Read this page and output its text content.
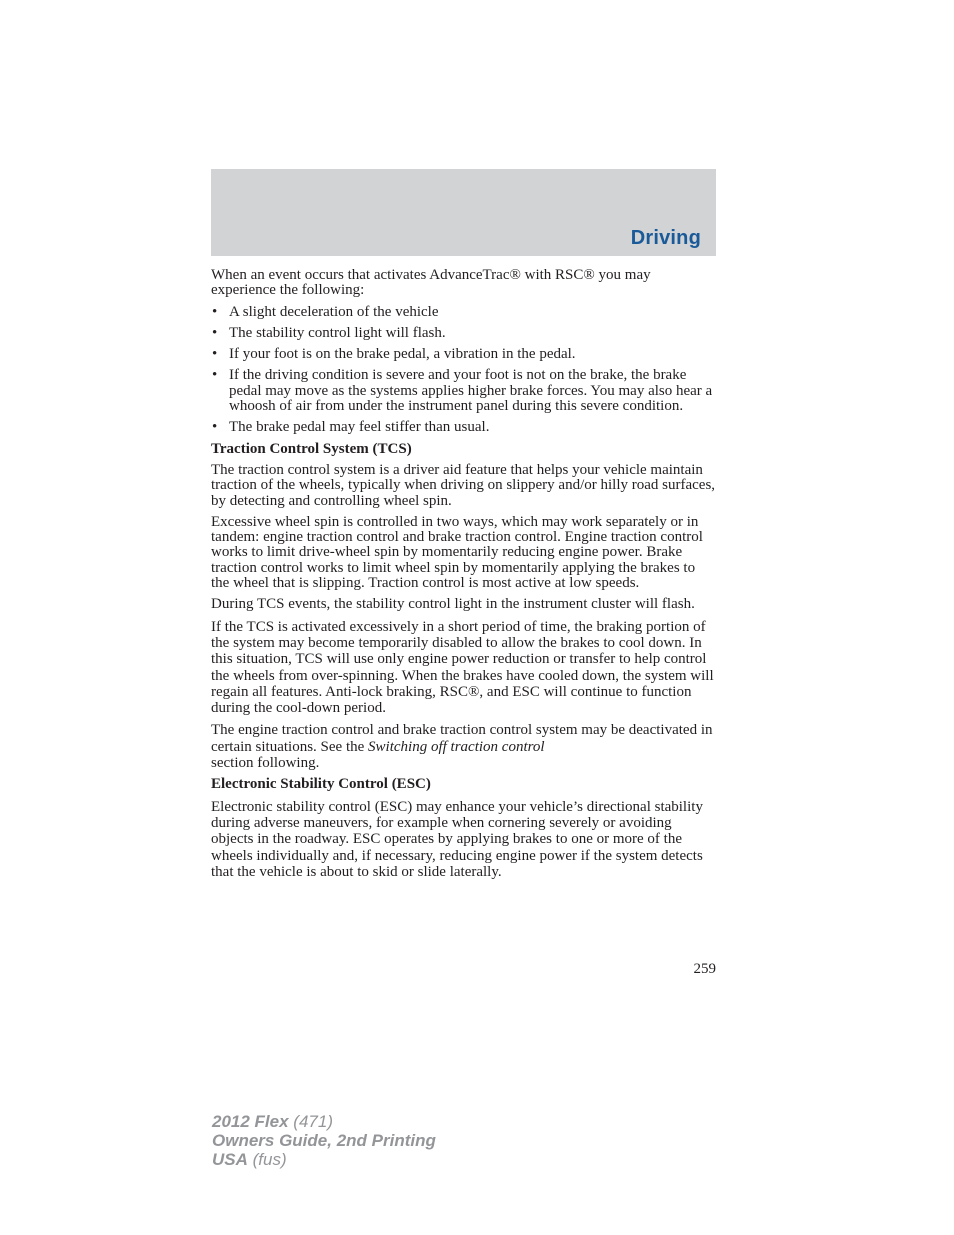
Driving

When an event occurs that activates AdvanceTrac® with RSC® you may experience the following:

• A slight deceleration of the vehicle
• The stability control light will flash.
• If your foot is on the brake pedal, a vibration in the pedal.
• If the driving condition is severe and your foot is not on the brake, the brake pedal may move as the systems applies higher brake forces. You may also hear a whoosh of air from under the instrument panel during this severe condition.
• The brake pedal may feel stiffer than usual.
Traction Control System (TCS)

The traction control system is a driver aid feature that helps your vehicle maintain traction of the wheels, typically when driving on slippery and/or hilly road surfaces, by detecting and controlling wheel spin.

Excessive wheel spin is controlled in two ways, which may work separately or in tandem: engine traction control and brake traction control. Engine traction control works to limit drive-wheel spin by momentarily reducing engine power. Brake traction control works to limit wheel spin by momentarily applying the brakes to the wheel that is slipping. Traction control is most active at low speeds.

During TCS events, the stability control light in the instrument cluster will flash.

If the TCS is activated excessively in a short period of time, the braking portion of the system may become temporarily disabled to allow the brakes to cool down. In this situation, TCS will use only engine power reduction or transfer to help control the wheels from over-spinning. When the brakes have cooled down, the system will regain all features. Anti-lock braking, RSC®, and ESC will continue to function during the cool-down period.

The engine traction control and brake traction control system may be deactivated in certain situations. See the Switching off traction control
section following.

Electronic Stability Control (ESC)

Electronic stability control (ESC) may enhance your vehicle’s directional stability during adverse maneuvers, for example when cornering severely or avoiding objects in the roadway. ESC operates by applying brakes to one or more of the wheels individually and, if necessary, reducing engine power if the system detects that the vehicle is about to skid or slide laterally.

259
2012 Flex (471)
Owners Guide, 2nd Printing
USA (fus)
